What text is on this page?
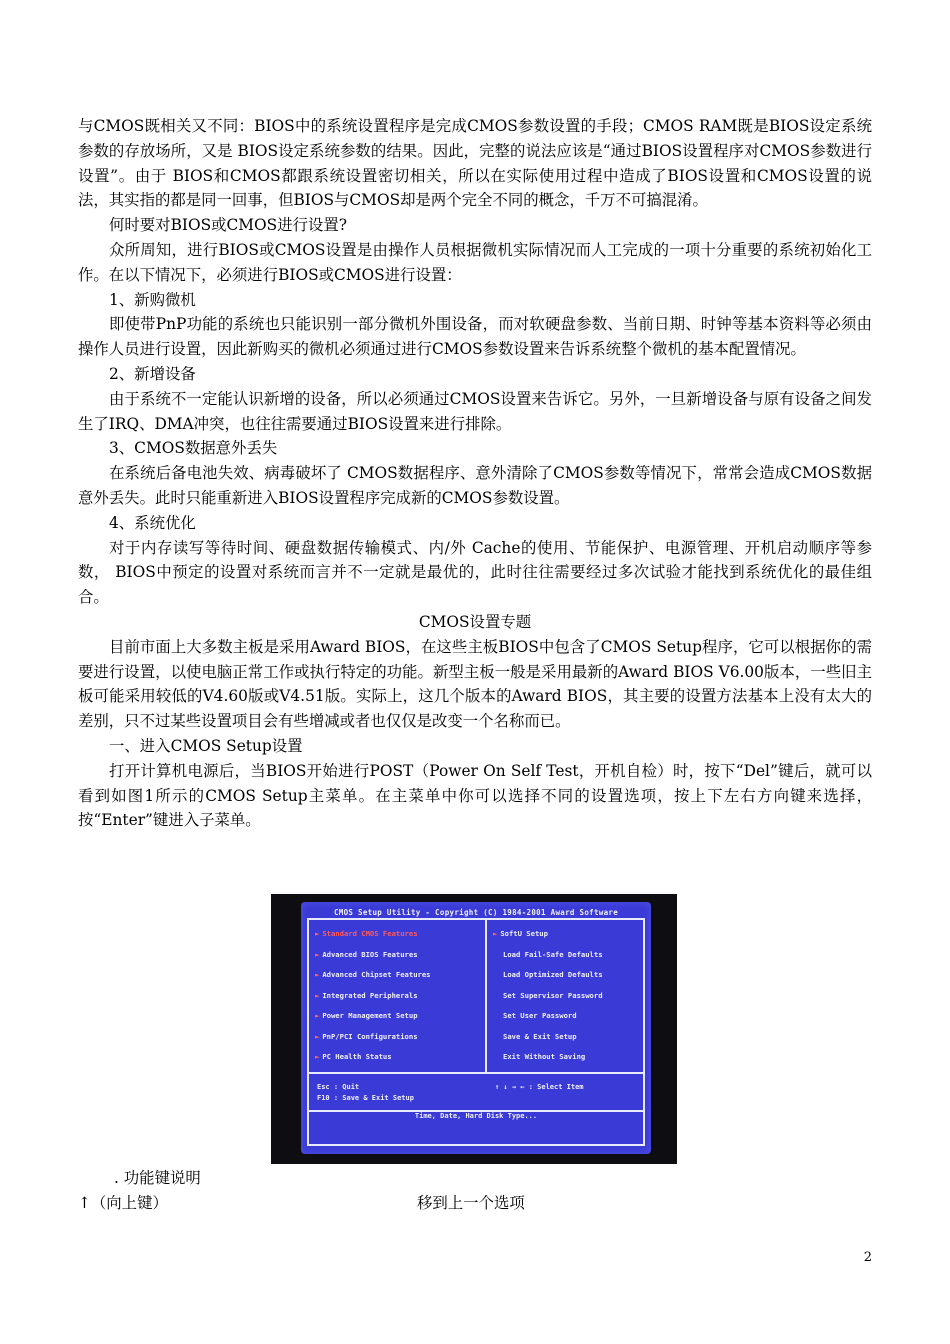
与CMOS既相关又不同：BIOS中的系统设置程序是完成CMOS参数设置的手段；CMOS RAM既是BIOS设定系统参数的存放场所，又是 BIOS设定系统参数的结果。因此，完整的说法应该是“通过BIOS设置程序对CMOS参数进行设置”。由于 BIOS和CMOS都跟系统设置密切相关，所以在实际使用过程中造成了BIOS设置和CMOS设置的说法，其实指的都是同一回事，但BIOS与CMOS却是两个完全不同的概念，千万不可搞混淆。

何时要对BIOS或CMOS进行设置?

众所周知，进行BIOS或CMOS设置是由操作人员根据微机实际情况而人工完成的一项十分重要的系统初始化工作。在以下情况下，必须进行BIOS或CMOS进行设置：

1、新购微机

即使带PnP功能的系统也只能识别一部分微机外围设备，而对软硬盘参数、当前日期、时钟等基本资料等必须由操作人员进行设置，因此新购买的微机必须通过进行CMOS参数设置来告诉系统整个微机的基本配置情况。

2、新增设备

由于系统不一定能认识新增的设备，所以必须通过CMOS设置来告诉它。另外，一旦新增设备与原有设备之间发生了IRQ、DMA冲突，也往往需要通过BIOS设置来进行排除。

3、CMOS数据意外丢失

在系统后备电池失效、病毒破坏了 CMOS数据程序、意外清除了CMOS参数等情况下，常常会造成CMOS数据意外丢失。此时只能重新进入BIOS设置程序完成新的CMOS参数设置。

4、系统优化

对于内存读写等待时间、硬盘数据传输模式、内/外 Cache的使用、节能保护、电源管理、开机启动顺序等参数， BIOS中预定的设置对系统而言并不一定就是最优的，此时往往需要经过多次试验才能找到系统优化的最佳组合。

CMOS设置专题

目前市面上大多数主板是采用Award BIOS，在这些主板BIOS中包含了CMOS Setup程序，它可以根据你的需要进行设置，以使电脑正常工作或执行特定的功能。新型主板一般是采用最新的Award BIOS V6.00版本，一些旧主板可能采用较低的V4.60版或V4.51版。实际上，这几个版本的Award BIOS，其主要的设置方法基本上没有太大的差别，只不过某些设置项目会有些增减或者也仅仅是改变一个名称而已。

一、进入CMOS Setup设置

打开计算机电源后，当BIOS开始进行POST（Power On Self Test，开机自检）时，按下“Del”键后，就可以看到如图1所示的CMOS Setup主菜单。在主菜单中你可以选择不同的设置选项，按上下左右方向键来选择，按“Enter”键进入子菜单。

CMOS Setup Utility - Copyright (C) 1984-2001 Award Software
► Standard CMOS Features
► Advanced BIOS Features
► Advanced Chipset Features
► Integrated Peripherals
► Power Management Setup
► PnP/PCI Configurations
► PC Health Status
► SoftU Setup
Load Fail-Safe Defaults
Load Optimized Defaults
Set Supervisor Password
Set User Password
Save & Exit Setup
Exit Without Saving
Esc : Quit
F10 : Save & Exit Setup
↑ ↓ → ← : Select Item
Time, Date, Hard Disk Type...
. 功能键说明
↑（向上键）	移到上一个选项
2
